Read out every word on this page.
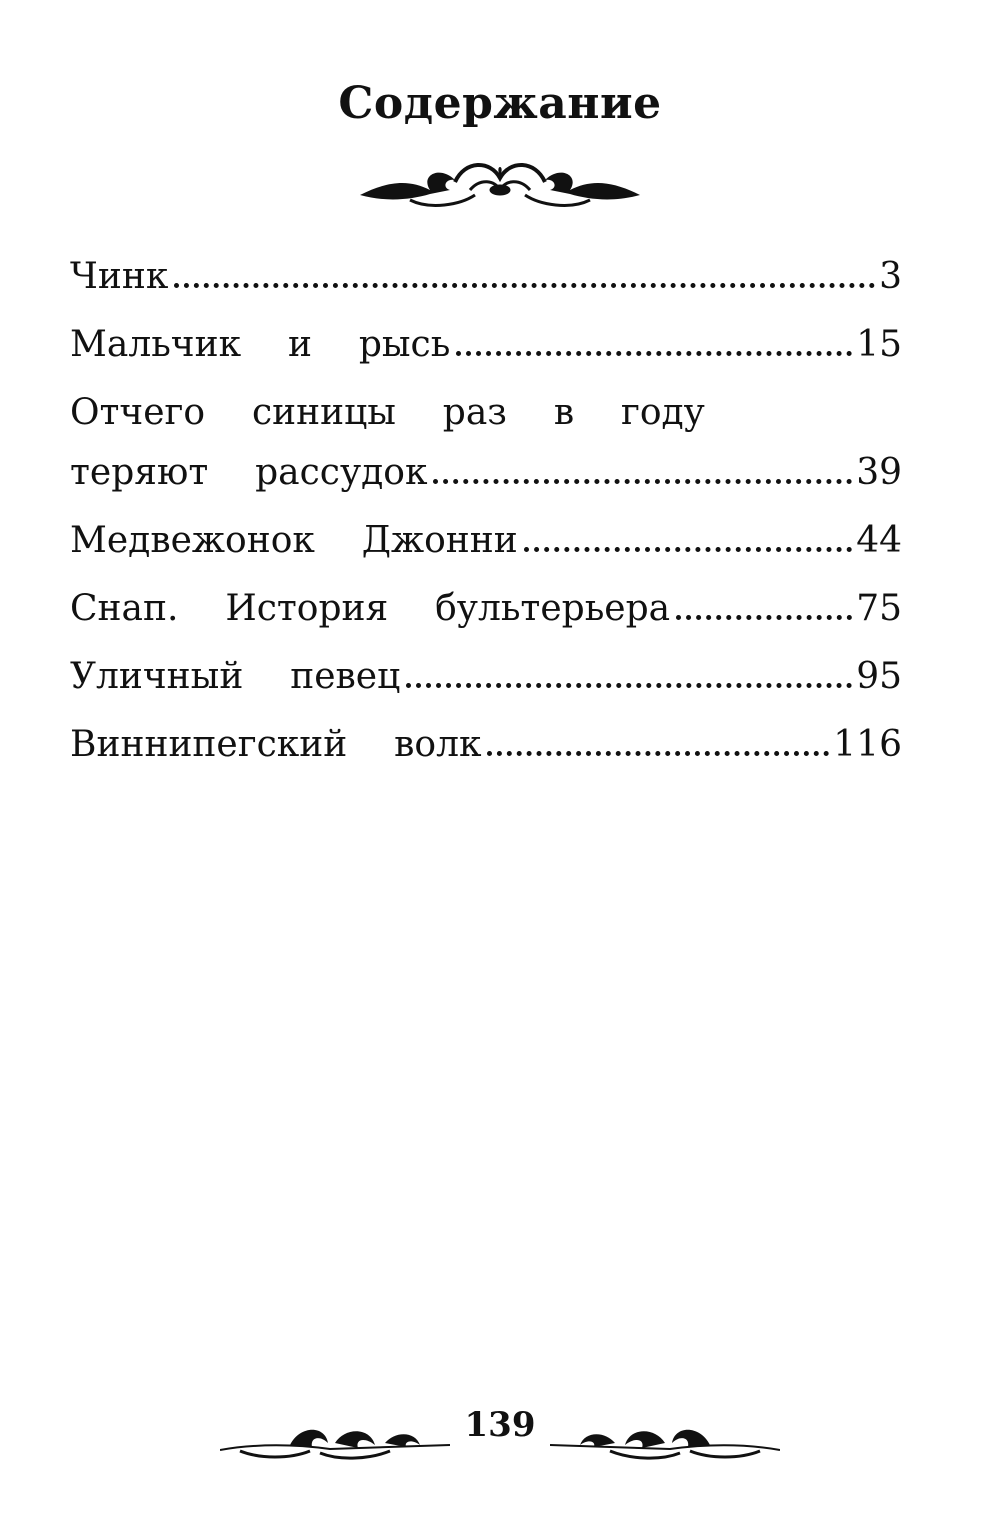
Содержание
Чинк	3
Мальчик  и  рысь	15
Отчего  синицы  раз  в  году
теряют  рассудок	39
Медвежонок  Джонни	44
Снап.  История  бультерьера	75
Уличный  певец	95
Виннипегский  волк	116
139
